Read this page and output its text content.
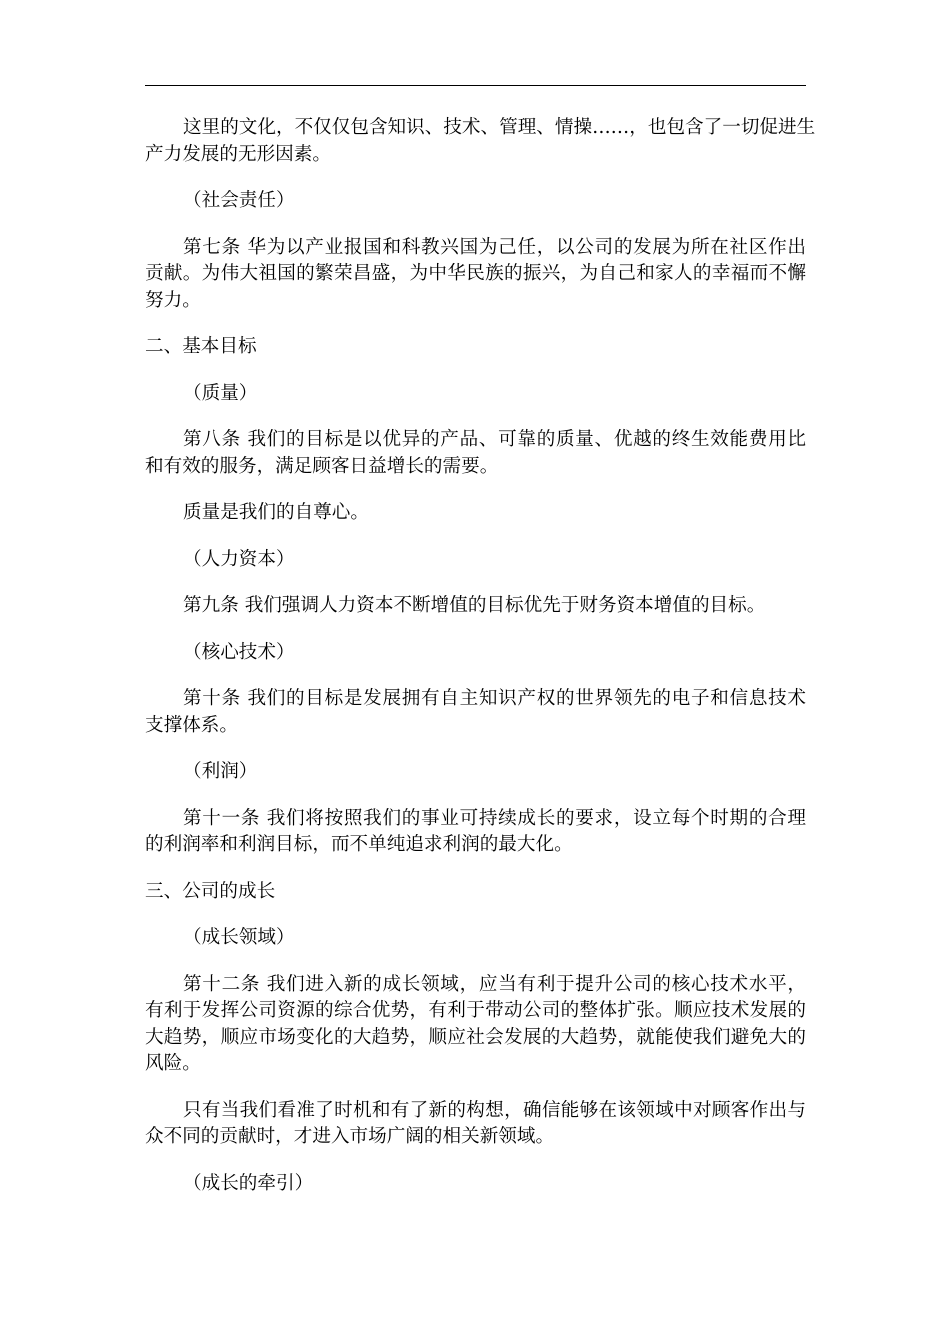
这里的文化，不仅仅包含知识、技术、管理、情操……，也包含了一切促进生
产力发展的无形因素。
（社会责任）
第七条 华为以产业报国和科教兴国为己任，以公司的发展为所在社区作出
贡献。为伟大祖国的繁荣昌盛，为中华民族的振兴，为自己和家人的幸福而不懈
努力。
二、基本目标
（质量）
第八条 我们的目标是以优异的产品、可靠的质量、优越的终生效能费用比
和有效的服务，满足顾客日益增长的需要。
质量是我们的自尊心。
（人力资本）
第九条 我们强调人力资本不断增值的目标优先于财务资本增值的目标。
（核心技术）
第十条 我们的目标是发展拥有自主知识产权的世界领先的电子和信息技术
支撑体系。
（利润）
第十一条 我们将按照我们的事业可持续成长的要求，设立每个时期的合理
的利润率和利润目标，而不单纯追求利润的最大化。
三、公司的成长
（成长领域）
第十二条 我们进入新的成长领域，应当有利于提升公司的核心技术水平，
有利于发挥公司资源的综合优势，有利于带动公司的整体扩张。顺应技术发展的
大趋势，顺应市场变化的大趋势，顺应社会发展的大趋势，就能使我们避免大的
风险。
只有当我们看准了时机和有了新的构想，确信能够在该领域中对顾客作出与
众不同的贡献时，才进入市场广阔的相关新领域。
（成长的牵引）
